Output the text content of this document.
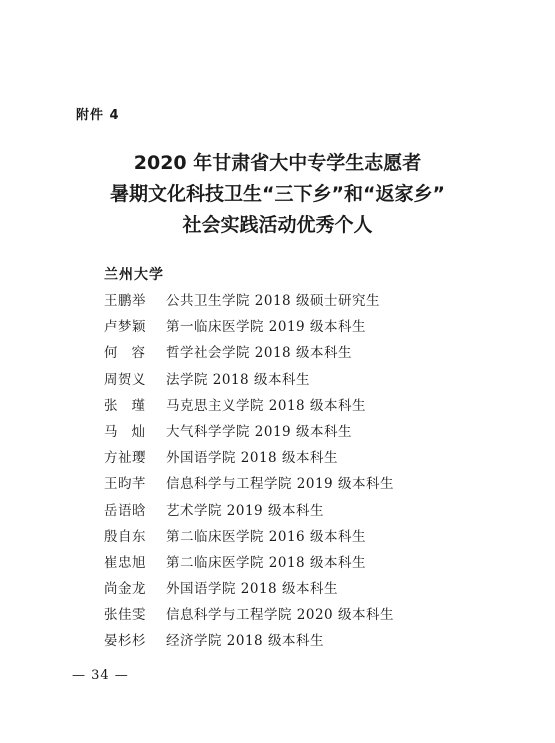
附件 4
2020 年甘肃省大中专学生志愿者
暑期文化科技卫生“三下乡”和“返家乡”
社会实践活动优秀个人
兰州大学
王鹏举 公共卫生学院 2018 级硕士研究生
卢梦颖 第一临床医学院 2019 级本科生
何容 哲学社会学院 2018 级本科生
周贺义 法学院 2018 级本科生
张瑾 马克思主义学院 2018 级本科生
马灿 大气科学学院 2019 级本科生
方祉璎 外国语学院 2018 级本科生
王昀芊 信息科学与工程学院 2019 级本科生
岳语晗 艺术学院 2019 级本科生
殷自东 第二临床医学院 2016 级本科生
崔忠旭 第二临床医学院 2018 级本科生
尚金龙 外国语学院 2018 级本科生
张佳雯 信息科学与工程学院 2020 级本科生
晏杉杉 经济学院 2018 级本科生
— 34 —
